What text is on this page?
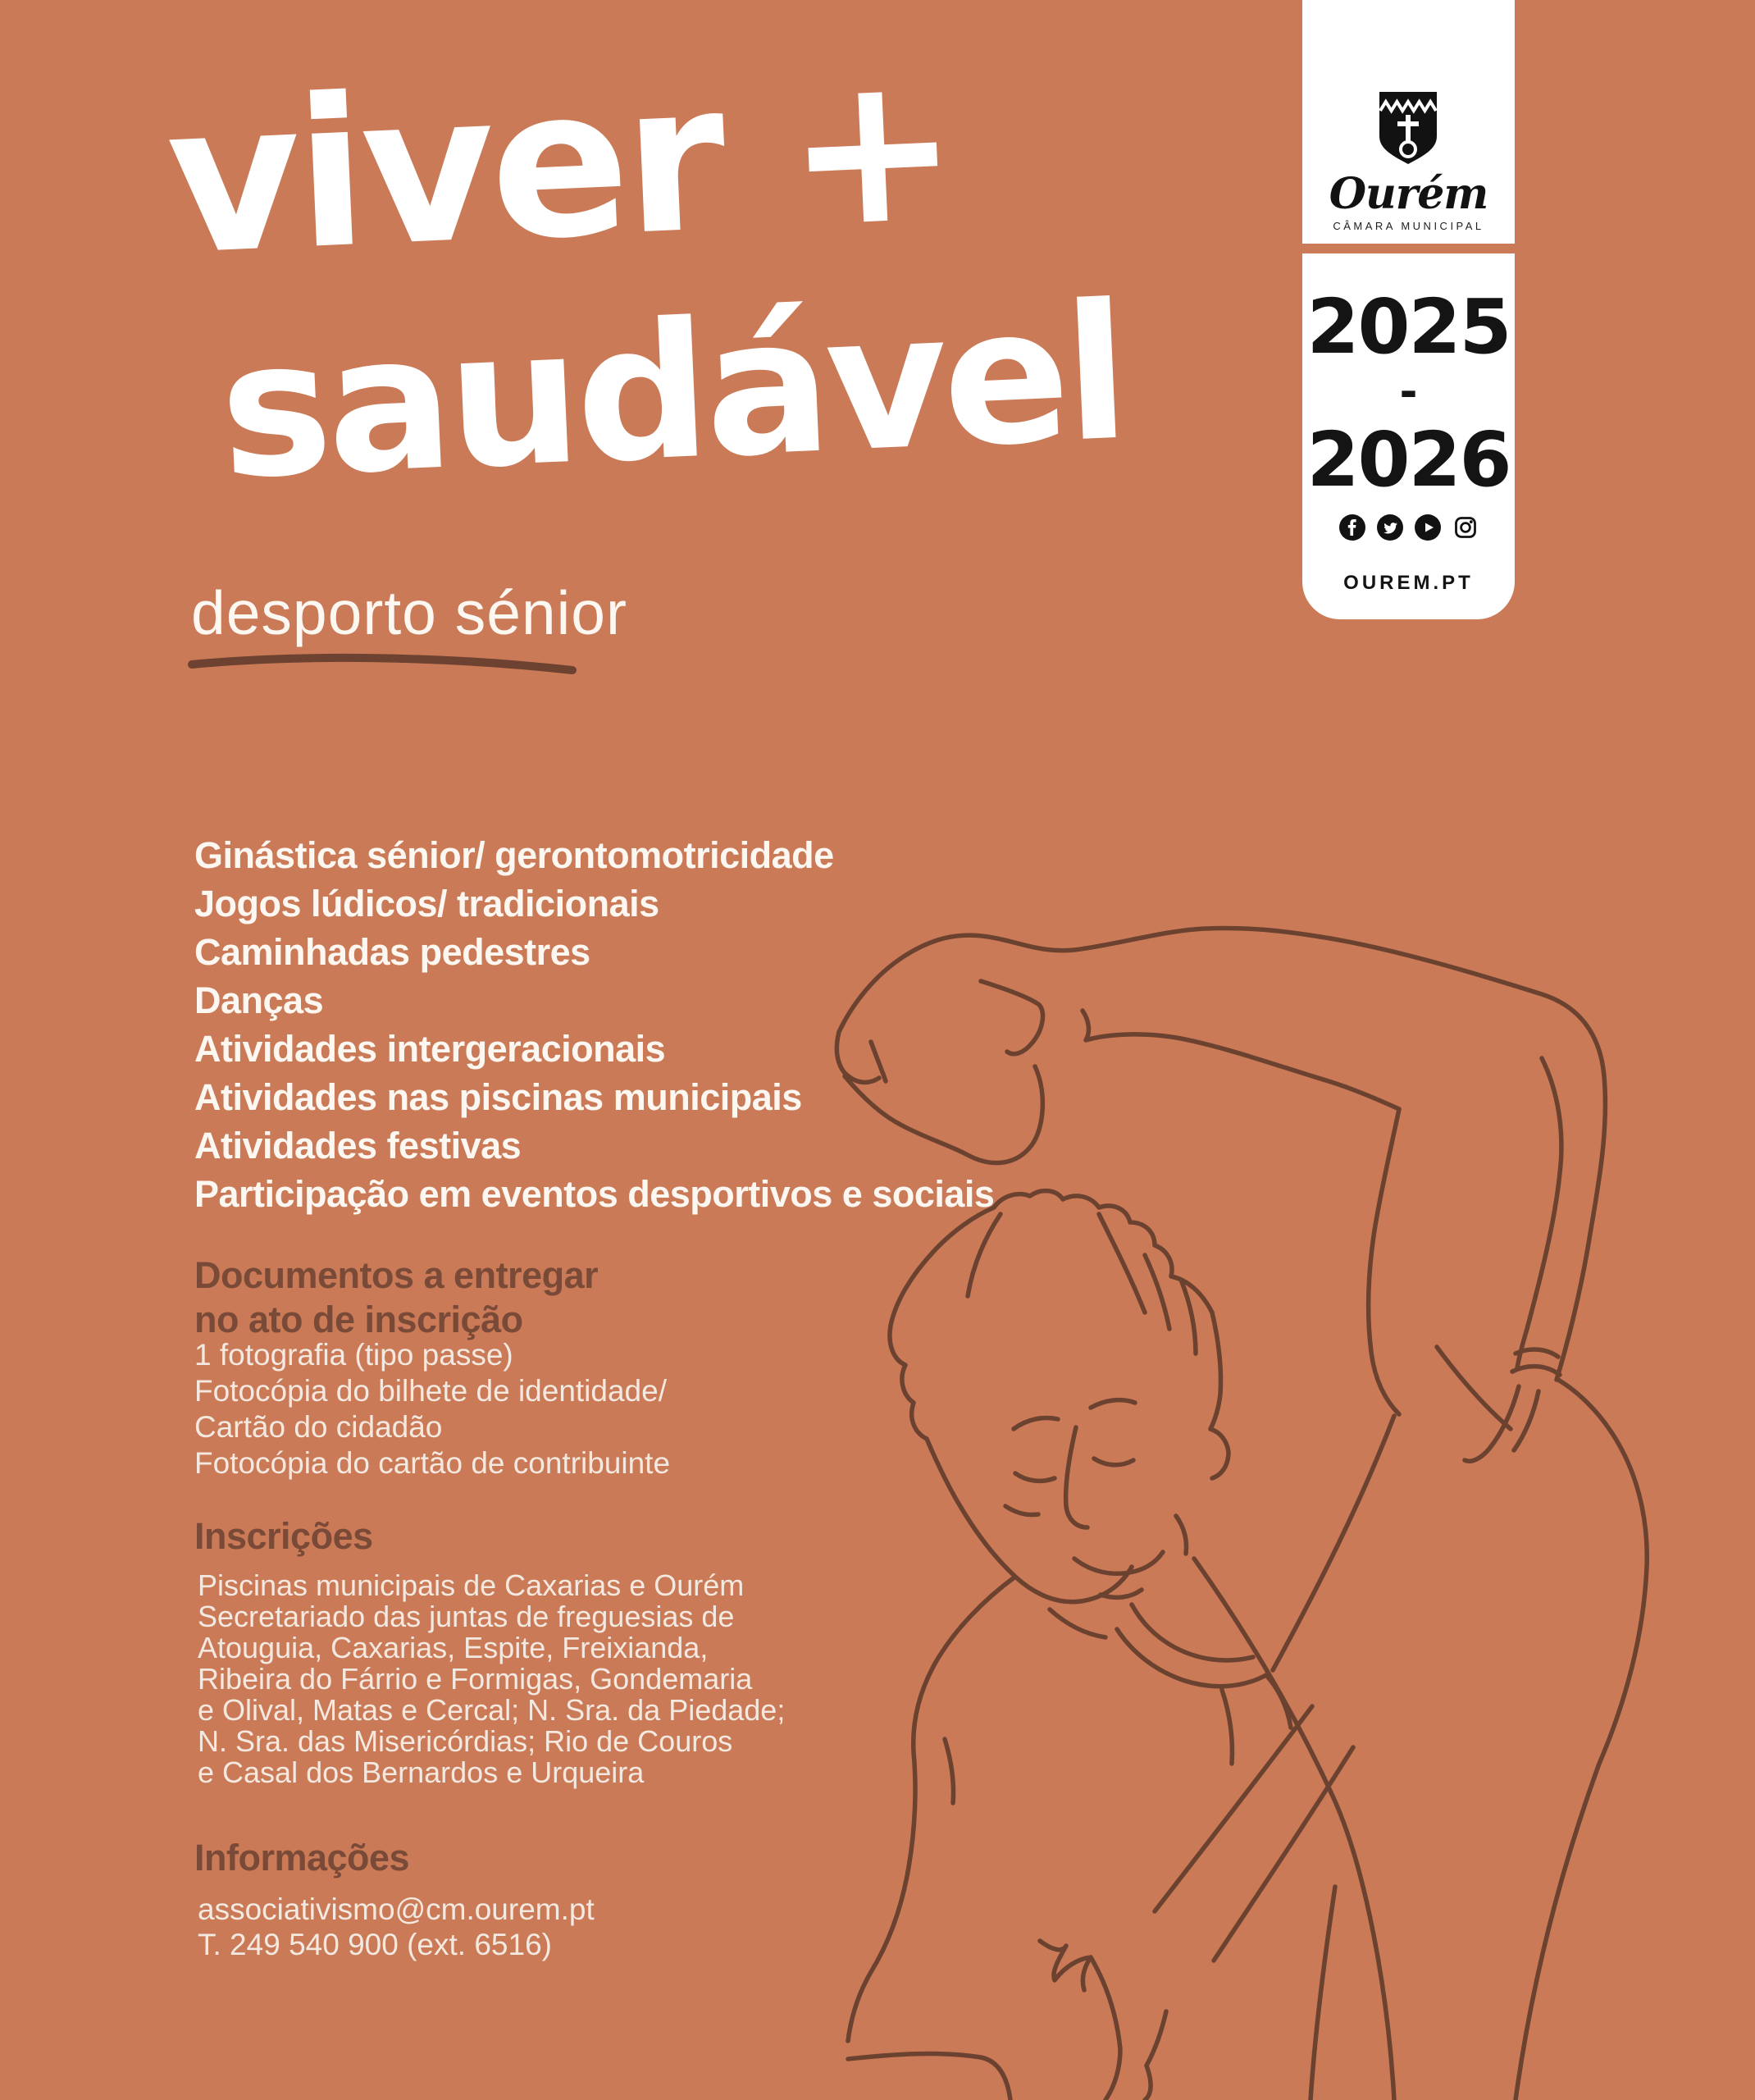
viver +
saudável
desporto sénior
Ginástica sénior/ gerontomotricidade
Jogos lúdicos/ tradicionais
Caminhadas pedestres
Danças
Atividades intergeracionais
Atividades nas piscinas municipais
Atividades festivas
Participação em eventos desportivos e sociais
Documentos a entregar
no ato de inscrição
1 fotografia (tipo passe)
Fotocópia do bilhete de identidade/
Cartão do cidadão
Fotocópia do cartão de contribuinte
Inscrições
Piscinas municipais de Caxarias e Ourém
Secretariado das juntas de freguesias de
Atouguia, Caxarias, Espite, Freixianda,
Ribeira do Fárrio e Formigas, Gondemaria
e Olival, Matas e Cercal; N. Sra. da Piedade;
N. Sra. das Misericórdias; Rio de Couros
e Casal dos Bernardos e Urqueira
Informações
associativismo@cm.ourem.pt
T. 249 540 900 (ext. 6516)
Ourém
CÂMARA MUNICIPAL
2025
-
2026
OUREM.PT
